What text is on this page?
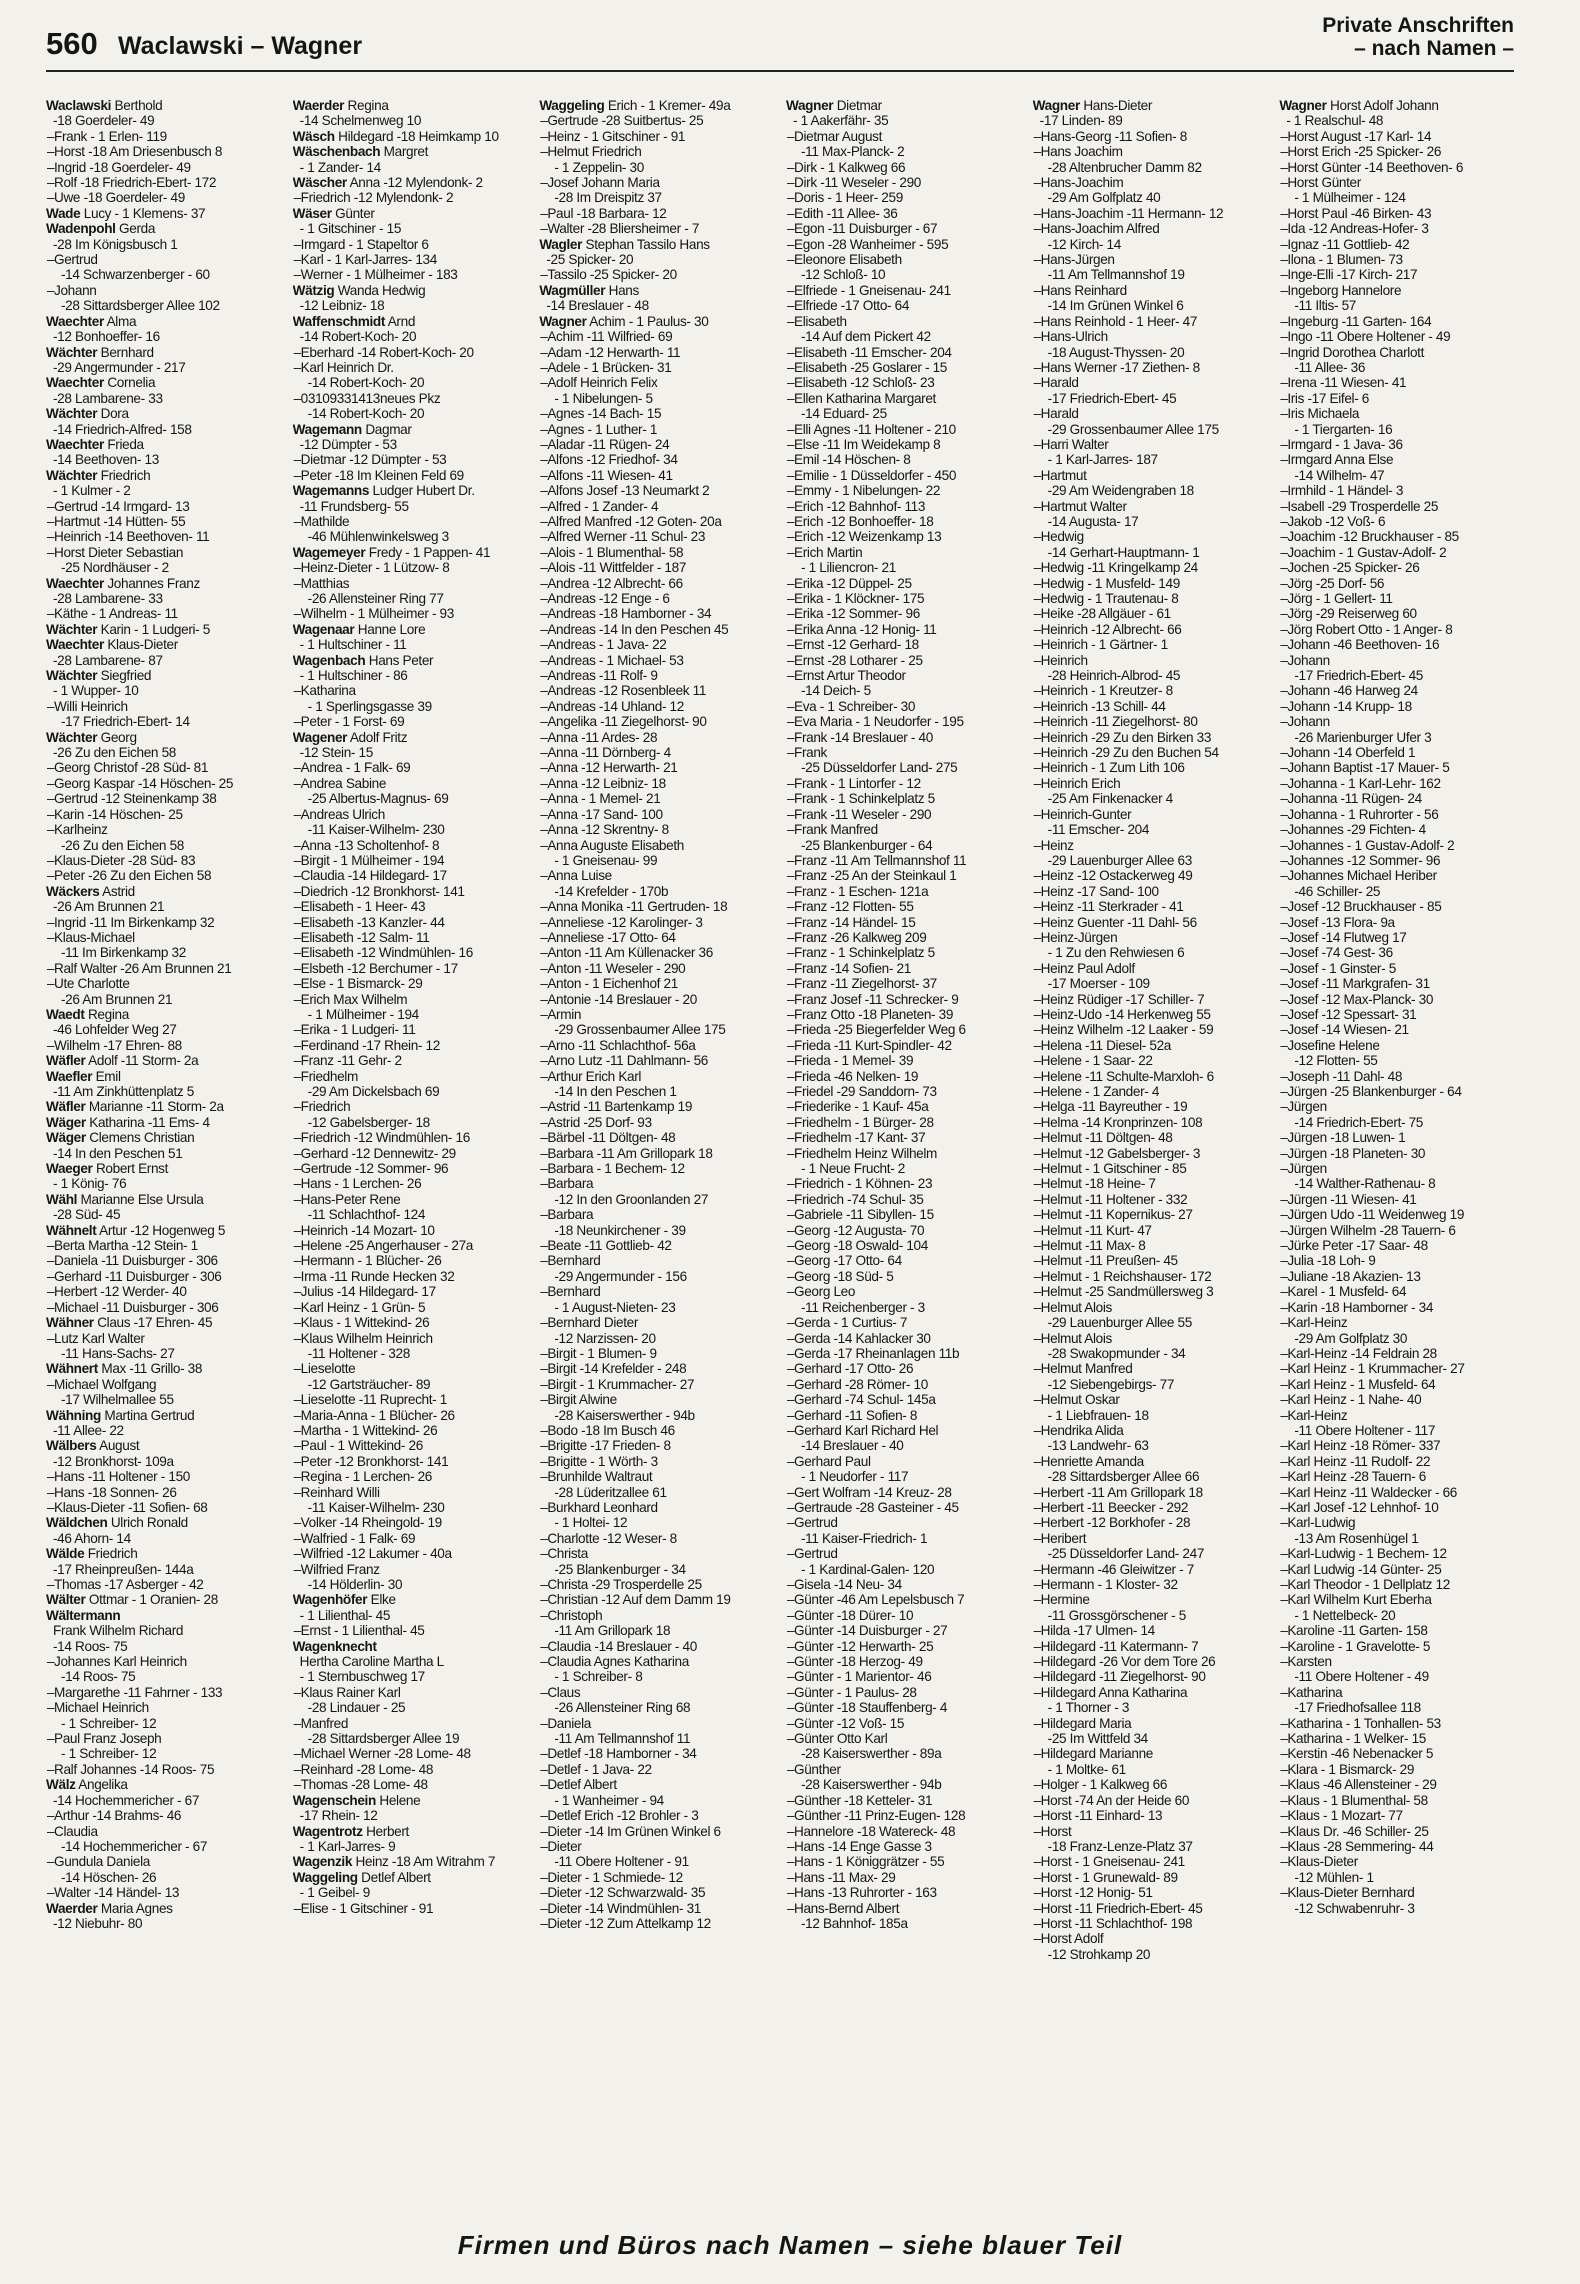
560 Waclawski – Wagner
Private Anschriften
– nach Namen –
Waclawski Berthold
-18 Goerdeler- 49
–Frank - 1 Erlen- 119
–Horst -18 Am Driesenbusch 8
–Ingrid -18 Goerdeler- 49
–Rolf -18 Friedrich-Ebert- 172
–Uwe -18 Goerdeler- 49
Wade Lucy - 1 Klemens- 37
Wadenpohl Gerda
-28 Im Königsbusch 1
–Gertrud
-14 Schwarzenberger - 60
–Johann
-28 Sittardsberger Allee 102
Waechter Alma
-12 Bonhoeffer- 16
Wächter Bernhard
-29 Angermunder - 217
Waechter Cornelia
-28 Lambarene- 33
Wächter Dora
-14 Friedrich-Alfred- 158
Waechter Frieda
-14 Beethoven- 13
Wächter Friedrich
- 1 Kulmer - 2
–Gertrud -14 Irmgard- 13
–Hartmut -14 Hütten- 55
–Heinrich -14 Beethoven- 11
–Horst Dieter Sebastian
-25 Nordhäuser - 2
Waechter Johannes Franz
-28 Lambarene- 33
–Käthe - 1 Andreas- 11
Wächter Karin - 1 Ludgeri- 5
Waechter Klaus-Dieter
-28 Lambarene- 87
Wächter Siegfried
- 1 Wupper- 10
–Willi Heinrich
-17 Friedrich-Ebert- 14
Wächter Georg
-26 Zu den Eichen 58
–Georg Christof -28 Süd- 81
–Georg Kaspar -14 Höschen- 25
–Gertrud -12 Steinenkamp 38
–Karin -14 Höschen- 25
–Karlheinz
-26 Zu den Eichen 58
–Klaus-Dieter -28 Süd- 83
–Peter -26 Zu den Eichen 58
Wäckers Astrid
-26 Am Brunnen 21
–Ingrid -11 Im Birkenkamp 32
–Klaus-Michael
-11 Im Birkenkamp 32
–Ralf Walter -26 Am Brunnen 21
–Ute Charlotte
-26 Am Brunnen 21
Waedt Regina
-46 Lohfelder Weg 27
–Wilhelm -17 Ehren- 88
Wäfler Adolf -11 Storm- 2a
Waefler Emil
-11 Am Zinkhüttenplatz 5
Wäfler Marianne -11 Storm- 2a
Wäger Katharina -11 Ems- 4
Wäger Clemens Christian
-14 In den Peschen 51
Waeger Robert Ernst
- 1 König- 76
Wähl Marianne Else Ursula
-28 Süd- 45
Wähnelt Artur -12 Hogenweg 5
–Berta Martha -12 Stein- 1
–Daniela -11 Duisburger - 306
–Gerhard -11 Duisburger - 306
–Herbert -12 Werder- 40
–Michael -11 Duisburger - 306
Wähner Claus -17 Ehren- 45
–Lutz Karl Walter
-11 Hans-Sachs- 27
Wähnert Max -11 Grillo- 38
–Michael Wolfgang
-17 Wilhelmallee 55
Wähning Martina Gertrud
-11 Allee- 22
Wälbers August
-12 Bronkhorst- 109a
–Hans -11 Holtener - 150
–Hans -18 Sonnen- 26
–Klaus-Dieter -11 Sofien- 68
Wäldchen Ulrich Ronald
-46 Ahorn- 14
Wälde Friedrich
-17 Rheinpreußen- 144a
–Thomas -17 Asberger - 42
Wälter Ottmar - 1 Oranien- 28
Wältermann
Frank Wilhelm Richard
-14 Roos- 75
–Johannes Karl Heinrich
-14 Roos- 75
–Margarethe -11 Fahrner - 133
–Michael Heinrich
- 1 Schreiber- 12
–Paul Franz Joseph
- 1 Schreiber- 12
–Ralf Johannes -14 Roos- 75
Wälz Angelika
-14 Hochemmericher - 67
–Arthur -14 Brahms- 46
–Claudia
-14 Hochemmericher - 67
–Gundula Daniela
-14 Höschen- 26
–Walter -14 Händel- 13
Waerder Maria Agnes
-12 Niebuhr- 80
Waerder Regina
-14 Schelmenweg 10
Wäsch Hildegard -18 Heimkamp 10
Wäschenbach Margret
- 1 Zander- 14
Wäscher Anna -12 Mylendonk- 2
–Friedrich -12 Mylendonk- 2
Wäser Günter
- 1 Gitschiner - 15
–Irmgard - 1 Stapeltor 6
–Karl - 1 Karl-Jarres- 134
–Werner - 1 Mülheimer - 183
Wätzig Wanda Hedwig
-12 Leibniz- 18
Waffenschmidt Arnd
-14 Robert-Koch- 20
–Eberhard -14 Robert-Koch- 20
–Karl Heinrich Dr.
-14 Robert-Koch- 20
–03109331413neues Pkz
-14 Robert-Koch- 20
Wagemann Dagmar
-12 Dümpter - 53
–Dietmar -12 Dümpter - 53
–Peter -18 Im Kleinen Feld 69
Wagemanns Ludger Hubert Dr.
-11 Frundsberg- 55
–Mathilde
-46 Mühlenwinkelsweg 3
Wagemeyer Fredy - 1 Pappen- 41
–Heinz-Dieter - 1 Lützow- 8
–Matthias
-26 Allensteiner Ring 77
–Wilhelm - 1 Mülheimer - 93
Wagenaar Hanne Lore
- 1 Hultschiner - 11
Wagenbach Hans Peter
- 1 Hultschiner - 86
–Katharina
- 1 Sperlingsgasse 39
–Peter - 1 Forst- 69
Wagener Adolf Fritz
-12 Stein- 15
–Andrea - 1 Falk- 69
–Andrea Sabine
-25 Albertus-Magnus- 69
–Andreas Ulrich
-11 Kaiser-Wilhelm- 230
–Anna -13 Scholtenhof- 8
–Birgit - 1 Mülheimer - 194
–Claudia -14 Hildegard- 17
–Diedrich -12 Bronkhorst- 141
–Elisabeth - 1 Heer- 43
–Elisabeth -13 Kanzler- 44
–Elisabeth -12 Salm- 11
–Elisabeth -12 Windmühlen- 16
–Elsbeth -12 Berchumer - 17
–Else - 1 Bismarck- 29
–Erich Max Wilhelm
- 1 Mülheimer - 194
–Erika - 1 Ludgeri- 11
–Ferdinand -17 Rhein- 12
–Franz -11 Gehr- 2
–Friedhelm
-29 Am Dickelsbach 69
–Friedrich
-12 Gabelsberger- 18
–Friedrich -12 Windmühlen- 16
–Gerhard -12 Dennewitz- 29
–Gertrude -12 Sommer- 96
–Hans - 1 Lerchen- 26
–Hans-Peter Rene
-11 Schlachthof- 124
–Heinrich -14 Mozart- 10
–Helene -25 Angerhauser - 27a
–Hermann - 1 Blücher- 26
–Irma -11 Runde Hecken 32
–Julius -14 Hildegard- 17
–Karl Heinz - 1 Grün- 5
–Klaus - 1 Wittekind- 26
–Klaus Wilhelm Heinrich
-11 Holtener - 328
–Lieselotte
-12 Gartsträucher- 89
–Lieselotte -11 Ruprecht- 1
–Maria-Anna - 1 Blücher- 26
–Martha - 1 Wittekind- 26
–Paul - 1 Wittekind- 26
–Peter -12 Bronkhorst- 141
–Regina - 1 Lerchen- 26
–Reinhard Willi
-11 Kaiser-Wilhelm- 230
–Volker -14 Rheingold- 19
–Walfried - 1 Falk- 69
–Wilfried -12 Lakumer - 40a
–Wilfried Franz
-14 Hölderlin- 30
Wagenhöfer Elke
- 1 Lilienthal- 45
–Ernst - 1 Lilienthal- 45
Wagenknecht
Hertha Caroline Martha L
- 1 Sternbuschweg 17
–Klaus Rainer Karl
-28 Lindauer - 25
–Manfred
-28 Sittardsberger Allee 19
–Michael Werner -28 Lome- 48
–Reinhard -28 Lome- 48
–Thomas -28 Lome- 48
Wagenschein Helene
-17 Rhein- 12
Wagentrotz Herbert
- 1 Karl-Jarres- 9
Wagenzik Heinz -18 Am Witrahm 7
Waggeling Detlef Albert
- 1 Geibel- 9
–Elise - 1 Gitschiner - 91
Waggeling Erich - 1 Kremer- 49a
–Gertrude -28 Suitbertus- 25
–Heinz - 1 Gitschiner - 91
–Helmut Friedrich
- 1 Zeppelin- 30
–Josef Johann Maria
-28 Im Dreispitz 37
–Paul -18 Barbara- 12
–Walter -28 Bliersheimer - 7
Wagler Stephan Tassilo Hans
-25 Spicker- 20
–Tassilo -25 Spicker- 20
Wagmüller Hans
-14 Breslauer - 48
Wagner Achim - 1 Paulus- 30
–Achim -11 Wilfried- 69
–Adam -12 Herwarth- 11
–Adele - 1 Brücken- 31
–Adolf Heinrich Felix
- 1 Nibelungen- 5
–Agnes -14 Bach- 15
–Agnes - 1 Luther- 1
–Aladar -11 Rügen- 24
–Alfons -12 Friedhof- 34
–Alfons -11 Wiesen- 41
–Alfons Josef -13 Neumarkt 2
–Alfred - 1 Zander- 4
–Alfred Manfred -12 Goten- 20a
–Alfred Werner -11 Schul- 23
–Alois - 1 Blumenthal- 58
–Alois -11 Wittfelder - 187
–Andrea -12 Albrecht- 66
–Andreas -12 Enge - 6
–Andreas -18 Hamborner - 34
–Andreas -14 In den Peschen 45
–Andreas - 1 Java- 22
–Andreas - 1 Michael- 53
–Andreas -11 Rolf- 9
–Andreas -12 Rosenbleek 11
–Andreas -14 Uhland- 12
–Angelika -11 Ziegelhorst- 90
–Anna -11 Ardes- 28
–Anna -11 Dörnberg- 4
–Anna -12 Herwarth- 21
–Anna -12 Leibniz- 18
–Anna - 1 Memel- 21
–Anna -17 Sand- 100
–Anna -12 Skrentny- 8
–Anna Auguste Elisabeth
- 1 Gneisenau- 99
–Anna Luise
-14 Krefelder - 170b
–Anna Monika -11 Gertruden- 18
–Anneliese -12 Karolinger- 3
–Anneliese -17 Otto- 64
–Anton -11 Am Küllenacker 36
–Anton -11 Weseler - 290
–Anton - 1 Eichenhof 21
–Antonie -14 Breslauer - 20
–Armin
-29 Grossenbaumer Allee 175
–Arno -11 Schlachthof- 56a
–Arno Lutz -11 Dahlmann- 56
–Arthur Erich Karl
-14 In den Peschen 1
–Astrid -11 Bartenkamp 19
–Astrid -25 Dorf- 93
–Bärbel -11 Döltgen- 48
–Barbara -11 Am Grillopark 18
–Barbara - 1 Bechem- 12
–Barbara
-12 In den Groonlanden 27
–Barbara
-18 Neunkirchener - 39
–Beate -11 Gottlieb- 42
–Bernhard
-29 Angermunder - 156
–Bernhard
- 1 August-Nieten- 23
–Bernhard Dieter
-12 Narzissen- 20
–Birgit - 1 Blumen- 9
–Birgit -14 Krefelder - 248
–Birgit - 1 Krummacher- 27
–Birgit Alwine
-28 Kaiserswerther - 94b
–Bodo -18 Im Busch 46
–Brigitte -17 Frieden- 8
–Brigitte - 1 Wörth- 3
–Brunhilde Waltraut
-28 Lüderitzallee 61
–Burkhard Leonhard
- 1 Holtei- 12
–Charlotte -12 Weser- 8
–Christa
-25 Blankenburger - 34
–Christa -29 Trosperdelle 25
–Christian -12 Auf dem Damm 19
–Christoph
-11 Am Grillopark 18
–Claudia -14 Breslauer - 40
–Claudia Agnes Katharina
- 1 Schreiber- 8
–Claus
-26 Allensteiner Ring 68
–Daniela
-11 Am Tellmannshof 11
–Detlef -18 Hamborner - 34
–Detlef - 1 Java- 22
–Detlef Albert
- 1 Wanheimer - 94
–Detlef Erich -12 Brohler - 3
–Dieter -14 Im Grünen Winkel 6
–Dieter
-11 Obere Holtener - 91
–Dieter - 1 Schmiede- 12
–Dieter -12 Schwarzwald- 35
–Dieter -14 Windmühlen- 31
–Dieter -12 Zum Attelkamp 12
Wagner Dietmar
- 1 Aakerfähr- 35
–Dietmar August
-11 Max-Planck- 2
–Dirk - 1 Kalkweg 66
–Dirk -11 Weseler - 290
–Doris - 1 Heer- 259
–Edith -11 Allee- 36
–Egon -11 Duisburger - 67
–Egon -28 Wanheimer - 595
–Eleonore Elisabeth
-12 Schloß- 10
–Elfriede - 1 Gneisenau- 241
–Elfriede -17 Otto- 64
–Elisabeth
-14 Auf dem Pickert 42
–Elisabeth -11 Emscher- 204
–Elisabeth -25 Goslarer - 15
–Elisabeth -12 Schloß- 23
–Ellen Katharina Margaret
-14 Eduard- 25
–Elli Agnes -11 Holtener - 210
–Else -11 Im Weidekamp 8
–Emil -14 Höschen- 8
–Emilie - 1 Düsseldorfer - 450
–Emmy - 1 Nibelungen- 22
–Erich -12 Bahnhof- 113
–Erich -12 Bonhoeffer- 18
–Erich -12 Weizenkamp 13
–Erich Martin
- 1 Liliencron- 21
–Erika -12 Düppel- 25
–Erika - 1 Klöckner- 175
–Erika -12 Sommer- 96
–Erika Anna -12 Honig- 11
–Ernst -12 Gerhard- 18
–Ernst -28 Lotharer - 25
–Ernst Artur Theodor
-14 Deich- 5
–Eva - 1 Schreiber- 30
–Eva Maria - 1 Neudorfer - 195
–Frank -14 Breslauer - 40
–Frank
-25 Düsseldorfer Land- 275
–Frank - 1 Lintorfer - 12
–Frank - 1 Schinkelplatz 5
–Frank -11 Weseler - 290
–Frank Manfred
-25 Blankenburger - 64
–Franz -11 Am Tellmannshof 11
–Franz -25 An der Steinkaul 1
–Franz - 1 Eschen- 121a
–Franz -12 Flotten- 55
–Franz -14 Händel- 15
–Franz -26 Kalkweg 209
–Franz - 1 Schinkelplatz 5
–Franz -14 Sofien- 21
–Franz -11 Ziegelhorst- 37
–Franz Josef -11 Schrecker- 9
–Franz Otto -18 Planeten- 39
–Frieda -25 Biegerfelder Weg 6
–Frieda -11 Kurt-Spindler- 42
–Frieda - 1 Memel- 39
–Frieda -46 Nelken- 19
–Friedel -29 Sanddorn- 73
–Friederike - 1 Kauf- 45a
–Friedhelm - 1 Bürger- 28
–Friedhelm -17 Kant- 37
–Friedhelm Heinz Wilhelm
- 1 Neue Frucht- 2
–Friedrich - 1 Köhnen- 23
–Friedrich -74 Schul- 35
–Gabriele -11 Sibyllen- 15
–Georg -12 Augusta- 70
–Georg -18 Oswald- 104
–Georg -17 Otto- 64
–Georg -18 Süd- 5
–Georg Leo
-11 Reichenberger - 3
–Gerda - 1 Curtius- 7
–Gerda -14 Kahlacker 30
–Gerda -17 Rheinanlagen 11b
–Gerhard -17 Otto- 26
–Gerhard -28 Römer- 10
–Gerhard -74 Schul- 145a
–Gerhard -11 Sofien- 8
–Gerhard Karl Richard Hel
-14 Breslauer - 40
–Gerhard Paul
- 1 Neudorfer - 117
–Gert Wolfram -14 Kreuz- 28
–Gertraude -28 Gasteiner - 45
–Gertrud
-11 Kaiser-Friedrich- 1
–Gertrud
- 1 Kardinal-Galen- 120
–Gisela -14 Neu- 34
–Günter -46 Am Lepelsbusch 7
–Günter -18 Dürer- 10
–Günter -14 Duisburger - 27
–Günter -12 Herwarth- 25
–Günter -18 Herzog- 49
–Günter - 1 Marientor- 46
–Günter - 1 Paulus- 28
–Günter -18 Stauffenberg- 4
–Günter -12 Voß- 15
–Günter Otto Karl
-28 Kaiserswerther - 89a
–Günther
-28 Kaiserswerther - 94b
–Günther -18 Ketteler- 31
–Günther -11 Prinz-Eugen- 128
–Hannelore -18 Watereck- 48
–Hans -14 Enge Gasse 3
–Hans - 1 Königgrätzer - 55
–Hans -11 Max- 29
–Hans -13 Ruhrorter - 163
–Hans-Bernd Albert
-12 Bahnhof- 185a
Wagner Hans-Dieter
-17 Linden- 89
–Hans-Georg -11 Sofien- 8
–Hans Joachim
-28 Altenbrucher Damm 82
–Hans-Joachim
-29 Am Golfplatz 40
–Hans-Joachim -11 Hermann- 12
–Hans-Joachim Alfred
-12 Kirch- 14
–Hans-Jürgen
-11 Am Tellmannshof 19
–Hans Reinhard
-14 Im Grünen Winkel 6
–Hans Reinhold - 1 Heer- 47
–Hans-Ulrich
-18 August-Thyssen- 20
–Hans Werner -17 Ziethen- 8
–Harald
-17 Friedrich-Ebert- 45
–Harald
-29 Grossenbaumer Allee 175
–Harri Walter
- 1 Karl-Jarres- 187
–Hartmut
-29 Am Weidengraben 18
–Hartmut Walter
-14 Augusta- 17
–Hedwig
-14 Gerhart-Hauptmann- 1
–Hedwig -11 Kringelkamp 24
–Hedwig - 1 Musfeld- 149
–Hedwig - 1 Trautenau- 8
–Heike -28 Allgäuer - 61
–Heinrich -12 Albrecht- 66
–Heinrich - 1 Gärtner- 1
–Heinrich
-28 Heinrich-Albrod- 45
–Heinrich - 1 Kreutzer- 8
–Heinrich -13 Schill- 44
–Heinrich -11 Ziegelhorst- 80
–Heinrich -29 Zu den Birken 33
–Heinrich -29 Zu den Buchen 54
–Heinrich - 1 Zum Lith 106
–Heinrich Erich
-25 Am Finkenacker 4
–Heinrich-Gunter
-11 Emscher- 204
–Heinz
-29 Lauenburger Allee 63
–Heinz -12 Ostackerweg 49
–Heinz -17 Sand- 100
–Heinz -11 Sterkrader - 41
–Heinz Guenter -11 Dahl- 56
–Heinz-Jürgen
- 1 Zu den Rehwiesen 6
–Heinz Paul Adolf
-17 Moerser - 109
–Heinz Rüdiger -17 Schiller- 7
–Heinz-Udo -14 Herkenweg 55
–Heinz Wilhelm -12 Laaker - 59
–Helena -11 Diesel- 52a
–Helene - 1 Saar- 22
–Helene -11 Schulte-Marxloh- 6
–Helene - 1 Zander- 4
–Helga -11 Bayreuther - 19
–Helma -14 Kronprinzen- 108
–Helmut -11 Döltgen- 48
–Helmut -12 Gabelsberger- 3
–Helmut - 1 Gitschiner - 85
–Helmut -18 Heine- 7
–Helmut -11 Holtener - 332
–Helmut -11 Kopernikus- 27
–Helmut -11 Kurt- 47
–Helmut -11 Max- 8
–Helmut -11 Preußen- 45
–Helmut - 1 Reichshauser- 172
–Helmut -25 Sandmüllersweg 3
–Helmut Alois
-29 Lauenburger Allee 55
–Helmut Alois
-28 Swakopmunder - 34
–Helmut Manfred
-12 Siebengebirgs- 77
–Helmut Oskar
- 1 Liebfrauen- 18
–Hendrika Alida
-13 Landwehr- 63
–Henriette Amanda
-28 Sittardsberger Allee 66
–Herbert -11 Am Grillopark 18
–Herbert -11 Beecker - 292
–Herbert -12 Borkhofer - 28
–Heribert
-25 Düsseldorfer Land- 247
–Hermann -46 Gleiwitzer - 7
–Hermann - 1 Kloster- 32
–Hermine
-11 Grossgörschener - 5
–Hilda -17 Ulmen- 14
–Hildegard -11 Katermann- 7
–Hildegard -26 Vor dem Tore 26
–Hildegard -11 Ziegelhorst- 90
–Hildegard Anna Katharina
- 1 Thorner - 3
–Hildegard Maria
-25 Im Wittfeld 34
–Hildegard Marianne
- 1 Moltke- 61
–Holger - 1 Kalkweg 66
–Horst -74 An der Heide 60
–Horst -11 Einhard- 13
–Horst
-18 Franz-Lenze-Platz 37
–Horst - 1 Gneisenau- 241
–Horst - 1 Grunewald- 89
–Horst -12 Honig- 51
–Horst -11 Friedrich-Ebert- 45
–Horst -11 Schlachthof- 198
–Horst Adolf
-12 Strohkamp 20
Wagner Horst Adolf Johann
- 1 Realschul- 48
–Horst August -17 Karl- 14
–Horst Erich -25 Spicker- 26
–Horst Günter -14 Beethoven- 6
–Horst Günter
- 1 Mülheimer - 124
–Horst Paul -46 Birken- 43
–Ida -12 Andreas-Hofer- 3
–Ignaz -11 Gottlieb- 42
–Ilona - 1 Blumen- 73
–Inge-Elli -17 Kirch- 217
–Ingeborg Hannelore
-11 Iltis- 57
–Ingeburg -11 Garten- 164
–Ingo -11 Obere Holtener - 49
–Ingrid Dorothea Charlott
-11 Allee- 36
–Irena -11 Wiesen- 41
–Iris -17 Eifel- 6
–Iris Michaela
- 1 Tiergarten- 16
–Irmgard - 1 Java- 36
–Irmgard Anna Else
-14 Wilhelm- 47
–Irmhild - 1 Händel- 3
–Isabell -29 Trosperdelle 25
–Jakob -12 Voß- 6
–Joachim -12 Bruckhauser - 85
–Joachim - 1 Gustav-Adolf- 2
–Jochen -25 Spicker- 26
–Jörg -25 Dorf- 56
–Jörg - 1 Gellert- 11
–Jörg -29 Reiserweg 60
–Jörg Robert Otto - 1 Anger- 8
–Johann -46 Beethoven- 16
–Johann
-17 Friedrich-Ebert- 45
–Johann -46 Harweg 24
–Johann -14 Krupp- 18
–Johann
-26 Marienburger Ufer 3
–Johann -14 Oberfeld 1
–Johann Baptist -17 Mauer- 5
–Johanna - 1 Karl-Lehr- 162
–Johanna -11 Rügen- 24
–Johanna - 1 Ruhrorter - 56
–Johannes -29 Fichten- 4
–Johannes - 1 Gustav-Adolf- 2
–Johannes -12 Sommer- 96
–Johannes Michael Heriber
-46 Schiller- 25
–Josef -12 Bruckhauser - 85
–Josef -13 Flora- 9a
–Josef -14 Flutweg 17
–Josef -74 Gest- 36
–Josef - 1 Ginster- 5
–Josef -11 Markgrafen- 31
–Josef -12 Max-Planck- 30
–Josef -12 Spessart- 31
–Josef -14 Wiesen- 21
–Josefine Helene
-12 Flotten- 55
–Joseph -11 Dahl- 48
–Jürgen -25 Blankenburger - 64
–Jürgen
-14 Friedrich-Ebert- 75
–Jürgen -18 Luwen- 1
–Jürgen -18 Planeten- 30
–Jürgen
-14 Walther-Rathenau- 8
–Jürgen -11 Wiesen- 41
–Jürgen Udo -11 Weidenweg 19
–Jürgen Wilhelm -28 Tauern- 6
–Jürke Peter -17 Saar- 48
–Julia -18 Loh- 9
–Juliane -18 Akazien- 13
–Karel - 1 Musfeld- 64
–Karin -18 Hamborner - 34
–Karl-Heinz
-29 Am Golfplatz 30
–Karl-Heinz -14 Feldrain 28
–Karl Heinz - 1 Krummacher- 27
–Karl Heinz - 1 Musfeld- 64
–Karl Heinz - 1 Nahe- 40
–Karl-Heinz
-11 Obere Holtener - 117
–Karl Heinz -18 Römer- 337
–Karl Heinz -11 Rudolf- 22
–Karl Heinz -28 Tauern- 6
–Karl Heinz -11 Waldecker - 66
–Karl Josef -12 Lehnhof- 10
–Karl-Ludwig
-13 Am Rosenhügel 1
–Karl-Ludwig - 1 Bechem- 12
–Karl Ludwig -14 Günter- 25
–Karl Theodor - 1 Dellplatz 12
–Karl Wilhelm Kurt Eberha
- 1 Nettelbeck- 20
–Karoline -11 Garten- 158
–Karoline - 1 Gravelotte- 5
–Karsten
-11 Obere Holtener - 49
–Katharina
-17 Friedhofsallee 118
–Katharina - 1 Tonhallen- 53
–Katharina - 1 Welker- 15
–Kerstin -46 Nebenacker 5
–Klara - 1 Bismarck- 29
–Klaus -46 Allensteiner - 29
–Klaus - 1 Blumenthal- 58
–Klaus - 1 Mozart- 77
–Klaus Dr. -46 Schiller- 25
–Klaus -28 Semmering- 44
–Klaus-Dieter
-12 Mühlen- 1
–Klaus-Dieter Bernhard
-12 Schwabenruhr- 3
Firmen und Büros nach Namen – siehe blauer Teil
